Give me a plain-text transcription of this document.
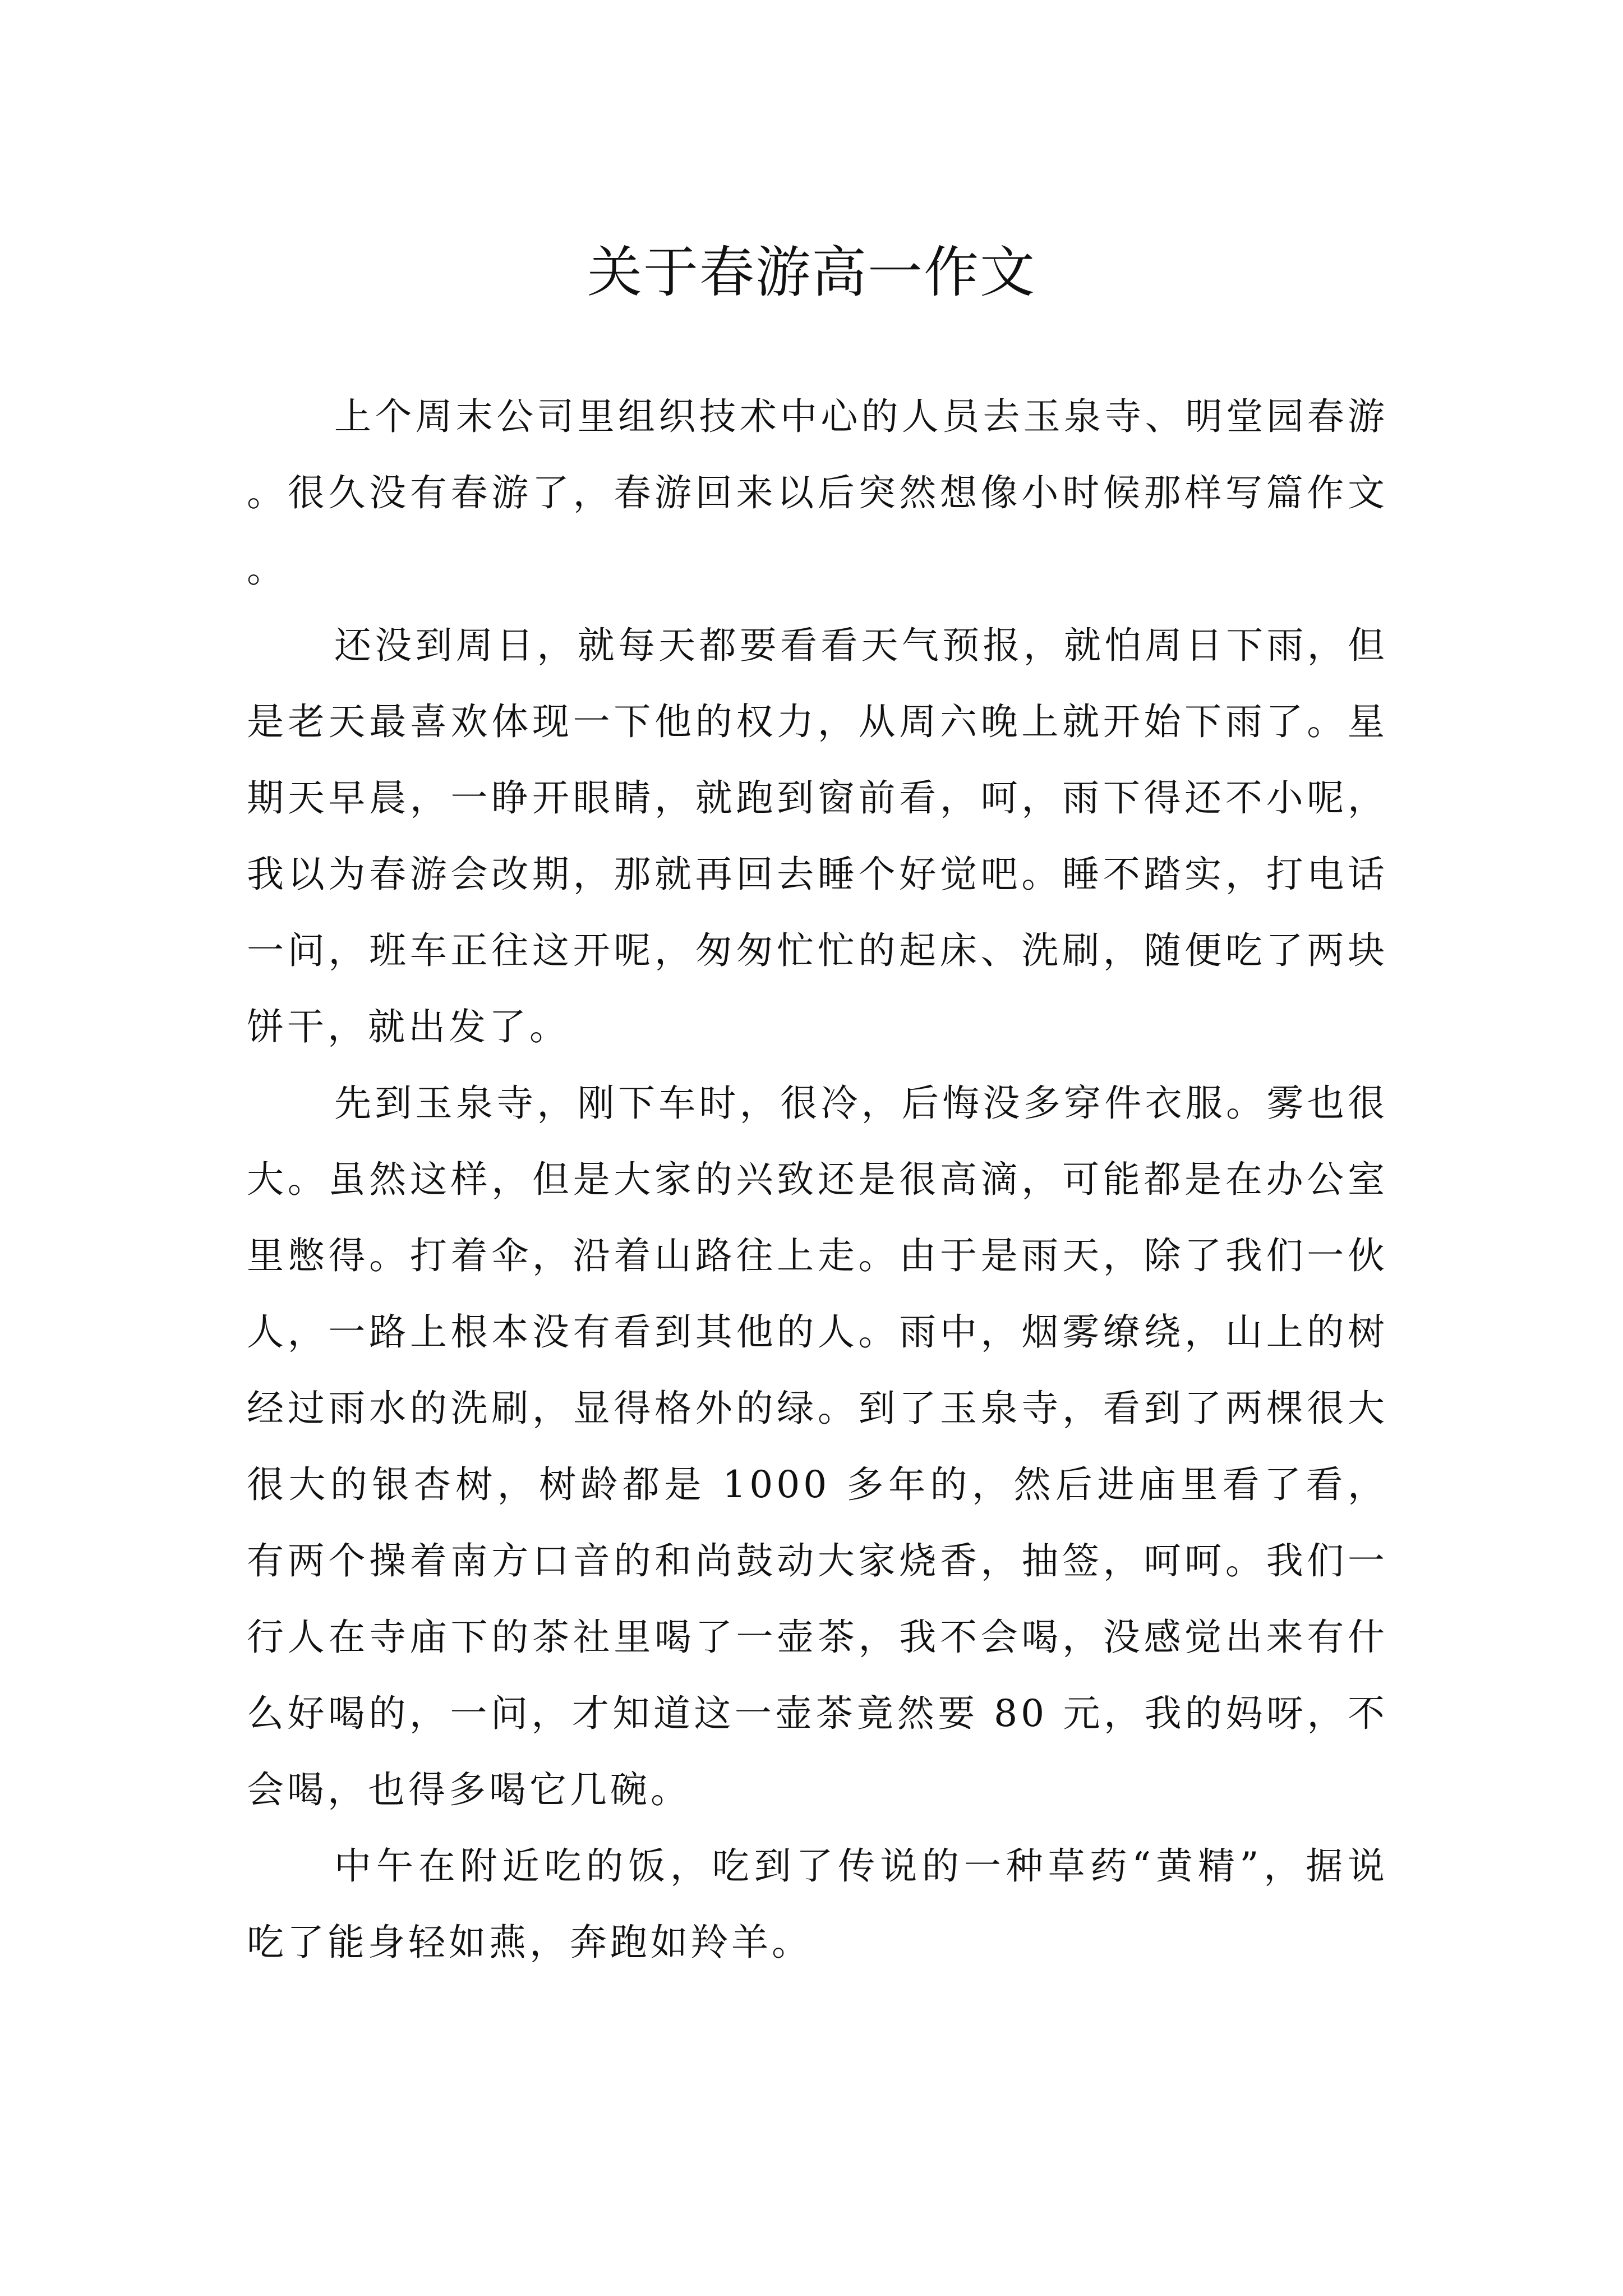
关于春游高一作文

上个周末公司里组织技术中心的人员去玉泉寺、明堂园春游。很久没有春游了，春游回来以后突然想像小时候那样写篇作文。

还没到周日，就每天都要看看天气预报，就怕周日下雨，但是老天最喜欢体现一下他的权力，从周六晚上就开始下雨了。星期天早晨，一睁开眼睛，就跑到窗前看，呵，雨下得还不小呢，我以为春游会改期，那就再回去睡个好觉吧。睡不踏实，打电话一问，班车正往这开呢，匆匆忙忙的起床、洗刷，随便吃了两块饼干，就出发了。

先到玉泉寺，刚下车时，很冷，后悔没多穿件衣服。雾也很大。虽然这样，但是大家的兴致还是很高滴，可能都是在办公室里憋得。打着伞，沿着山路往上走。由于是雨天，除了我们一伙人，一路上根本没有看到其他的人。雨中，烟雾缭绕，山上的树经过雨水的洗刷，显得格外的绿。到了玉泉寺，看到了两棵很大很大的银杏树，树龄都是 1000 多年的，然后进庙里看了看，有两个操着南方口音的和尚鼓动大家烧香，抽签，呵呵。我们一行人在寺庙下的茶社里喝了一壶茶，我不会喝，没感觉出来有什么好喝的，一问，才知道这一壶茶竟然要 80 元，我的妈呀，不会喝，也得多喝它几碗。

中午在附近吃的饭，吃到了传说的一种草药“黄精”，据说吃了能身轻如燕，奔跑如羚羊。
